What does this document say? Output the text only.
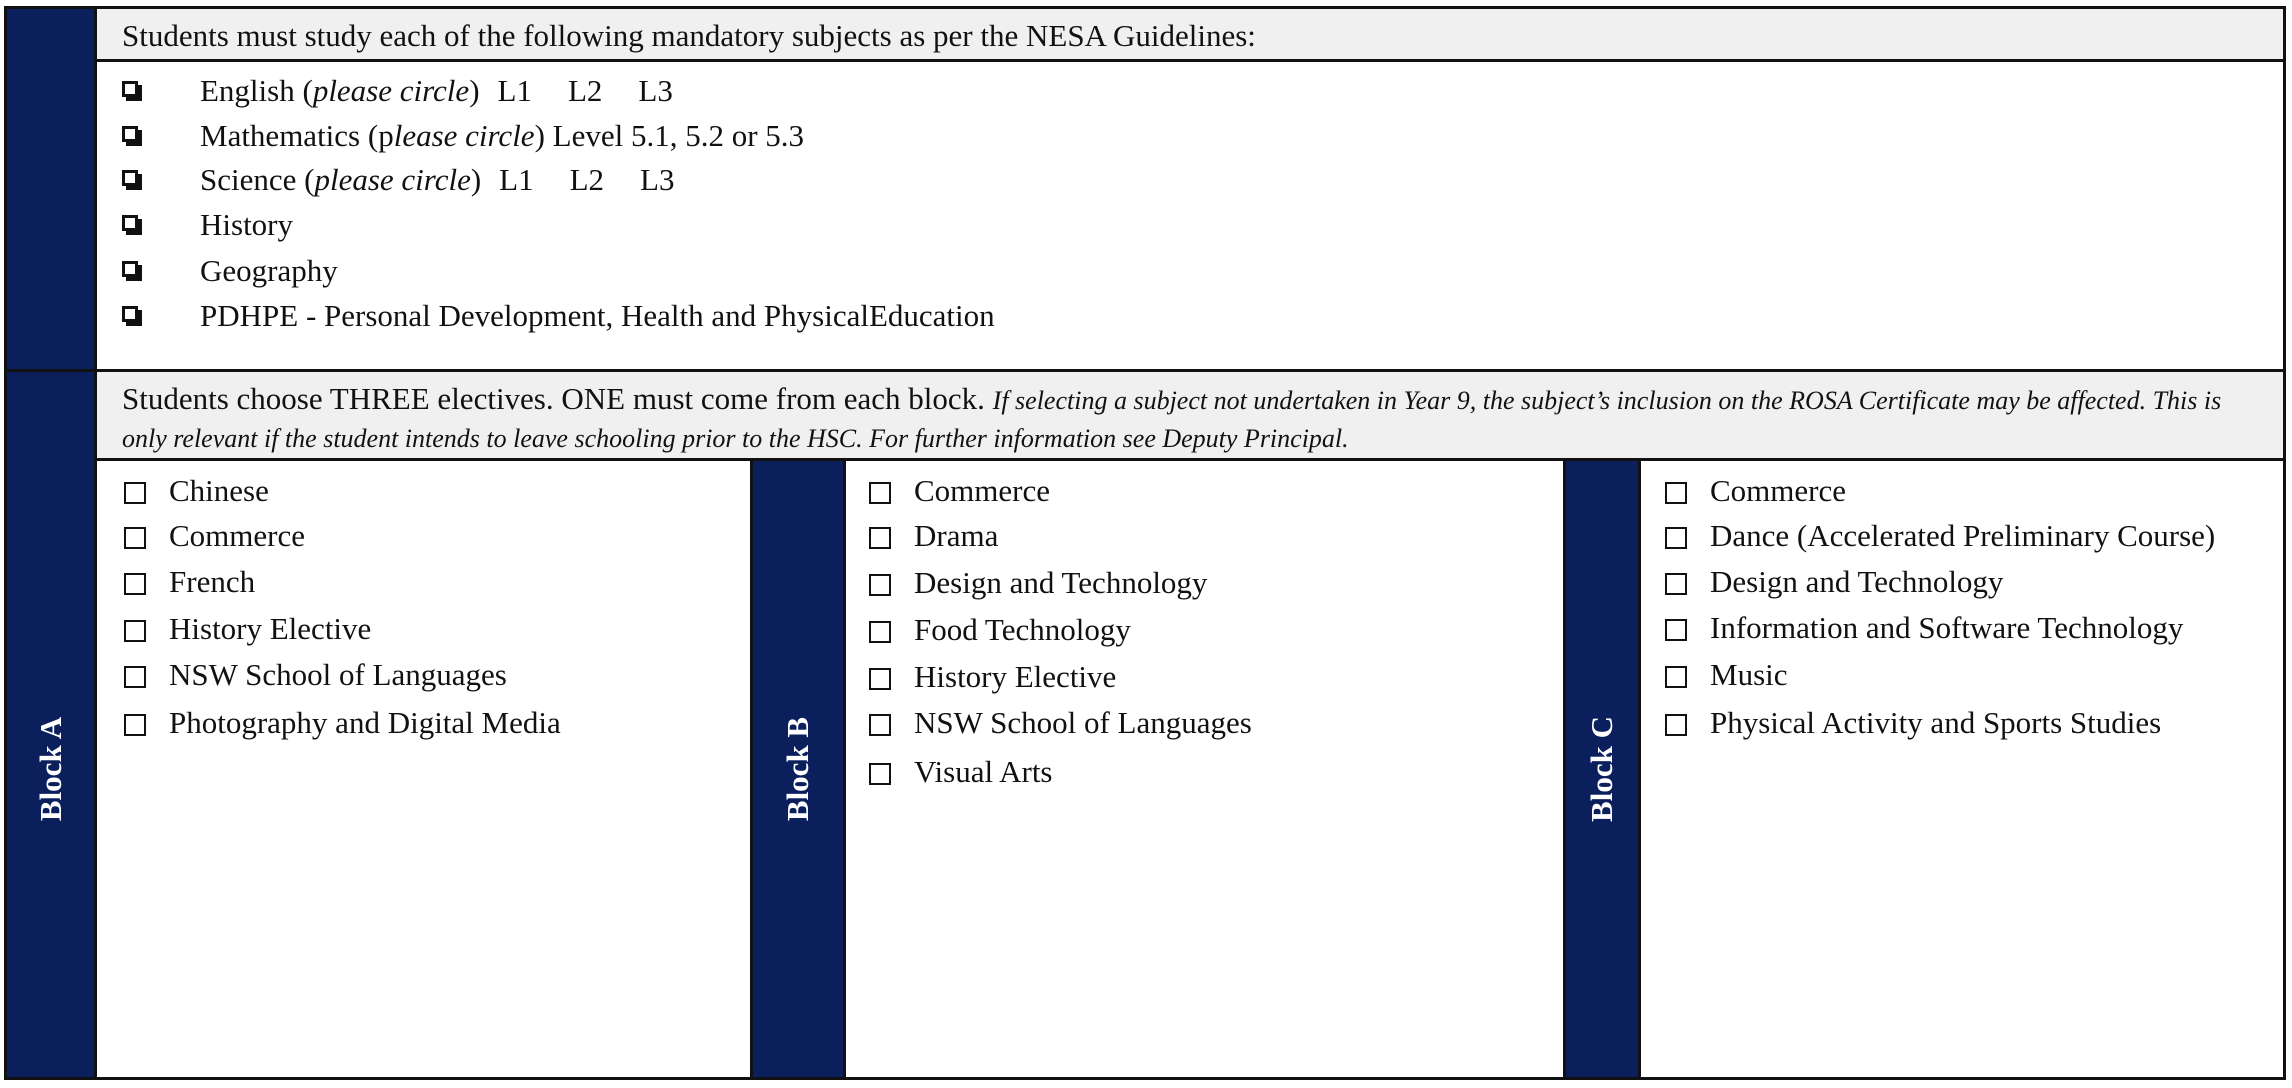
Students must study each of the following mandatory subjects as per the NESA Guidelines:
English (please circle) L1 L2 L3
Mathematics (please circle) Level 5.1, 5.2 or 5.3
Science (please circle) L1 L2 L3
History
Geography
PDHPE - Personal Development, Health and PhysicalEducation
Students choose THREE electives. ONE must come from each block. If selecting a subject not undertaken in Year 9, the subject’s inclusion on the ROSA Certificate may be affected. This is only relevant if the student intends to leave schooling prior to the HSC. For further information see Deputy Principal.
Block A
Chinese
Commerce
French
History Elective
NSW School of Languages
Photography and Digital Media	Block B
Commerce
Drama
Design and Technology
Food Technology
History Elective
NSW School of Languages
Visual Arts	Block C
Commerce
Dance (Accelerated Preliminary Course)
Design and Technology
Information and Software Technology
Music
Physical Activity and Sports Studies
